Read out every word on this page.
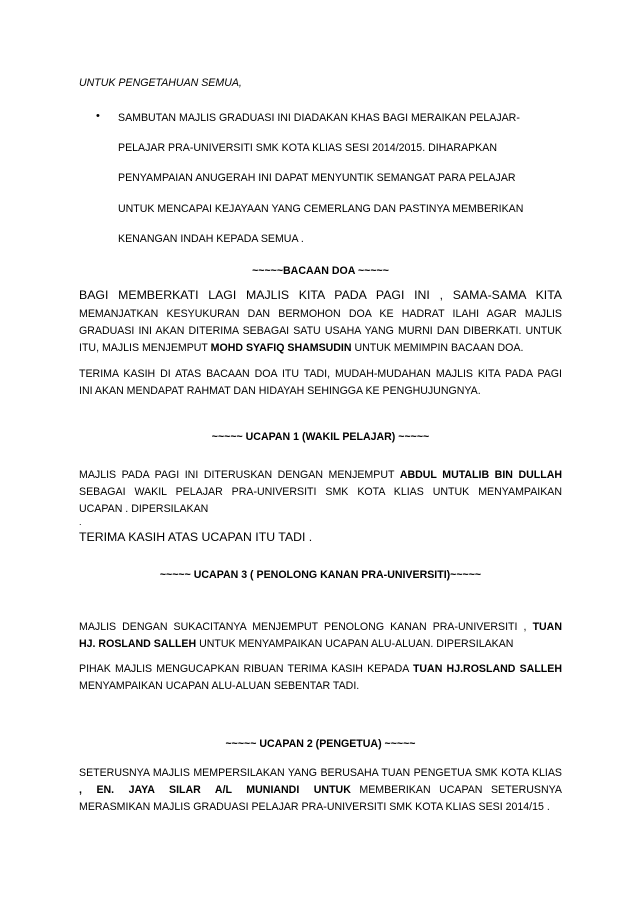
UNTUK PENGETAHUAN SEMUA,

• SAMBUTAN MAJLIS GRADUASI INI DIADAKAN KHAS BAGI MERAIKAN PELAJAR-

PELAJAR PRA-UNIVERSITI SMK KOTA KLIAS SESI 2014/2015. DIHARAPKAN

PENYAMPAIAN ANUGERAH INI DAPAT MENYUNTIK SEMANGAT PARA PELAJAR

UNTUK MENCAPAI KEJAYAAN YANG CEMERLANG DAN PASTINYA MEMBERIKAN

KENANGAN INDAH KEPADA SEMUA .

~~~~~BACAAN DOA ~~~~~

BAGI MEMBERKATI LAGI MAJLIS KITA PADA PAGI INI , SAMA-SAMA KITA

MEMANJATKAN KESYUKURAN DAN BERMOHON DOA KE HADRAT ILAHI AGAR MAJLIS

GRADUASI INI AKAN DITERIMA SEBAGAI SATU USAHA YANG MURNI DAN DIBERKATI. UNTUK

ITU, MAJLIS MENJEMPUT MOHD SYAFIQ SHAMSUDIN UNTUK MEMIMPIN BACAAN DOA.

TERIMA KASIH DI ATAS BACAAN DOA ITU TADI, MUDAH-MUDAHAN MAJLIS KITA PADA PAGI

INI AKAN MENDAPAT RAHMAT DAN HIDAYAH SEHINGGA KE PENGHUJUNGNYA.

~~~~~ UCAPAN 1 (WAKIL PELAJAR) ~~~~~

MAJLIS PADA PAGI INI DITERUSKAN DENGAN MENJEMPUT ABDUL MUTALIB BIN DULLAH

SEBAGAI WAKIL PELAJAR PRA-UNIVERSITI SMK KOTA KLIAS UNTUK MENYAMPAIKAN

UCAPAN . DIPERSILAKAN

.

TERIMA KASIH ATAS UCAPAN ITU TADI .

~~~~~ UCAPAN 3 ( PENOLONG KANAN PRA-UNIVERSITI)~~~~~

MAJLIS DENGAN SUKACITANYA MENJEMPUT PENOLONG KANAN PRA-UNIVERSITI , TUAN

HJ. ROSLAND SALLEH UNTUK MENYAMPAIKAN UCAPAN ALU-ALUAN. DIPERSILAKAN

PIHAK MAJLIS MENGUCAPKAN RIBUAN TERIMA KASIH KEPADA TUAN HJ.ROSLAND SALLEH

MENYAMPAIKAN UCAPAN ALU-ALUAN SEBENTAR TADI.

~~~~~ UCAPAN 2 (PENGETUA) ~~~~~

SETERUSNYA MAJLIS MEMPERSILAKAN YANG BERUSAHA TUAN PENGETUA SMK KOTA KLIAS

, EN. JAYA SILAR A/L MUNIANDI UNTUK MEMBERIKAN UCAPAN SETERUSNYA

MERASMIKAN MAJLIS GRADUASI PELAJAR PRA-UNIVERSITI SMK KOTA KLIAS SESI 2014/15 .
